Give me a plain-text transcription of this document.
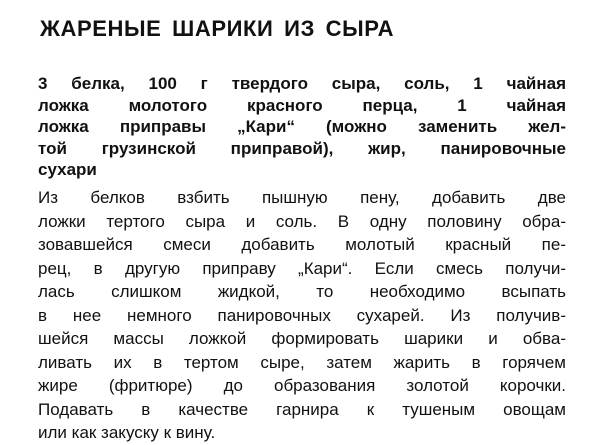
ЖАРЕНЫЕ ШАРИКИ ИЗ СЫРА
3 белка, 100 г твердого сыра, соль, 1 чайная
ложка молотого красного перца, 1 чайная
ложка приправы „Кари“ (можно заменить жел-
той грузинской приправой), жир, панировочные
сухари
Из белков взбить пышную пену, добавить две
ложки тертого сыра и соль. В одну половину обра-
зовавшейся смеси добавить молотый красный пе-
рец, в другую приправу „Кари“. Если смесь получи-
лась слишком жидкой, то необходимо всыпать
в нее немного панировочных сухарей. Из получив-
шейся массы ложкой формировать шарики и обва-
ливать их в тертом сыре, затем жарить в горячем
жире (фритюре) до образования золотой корочки.
Подавать в качестве гарнира к тушеным овощам
или как закуску к вину.
